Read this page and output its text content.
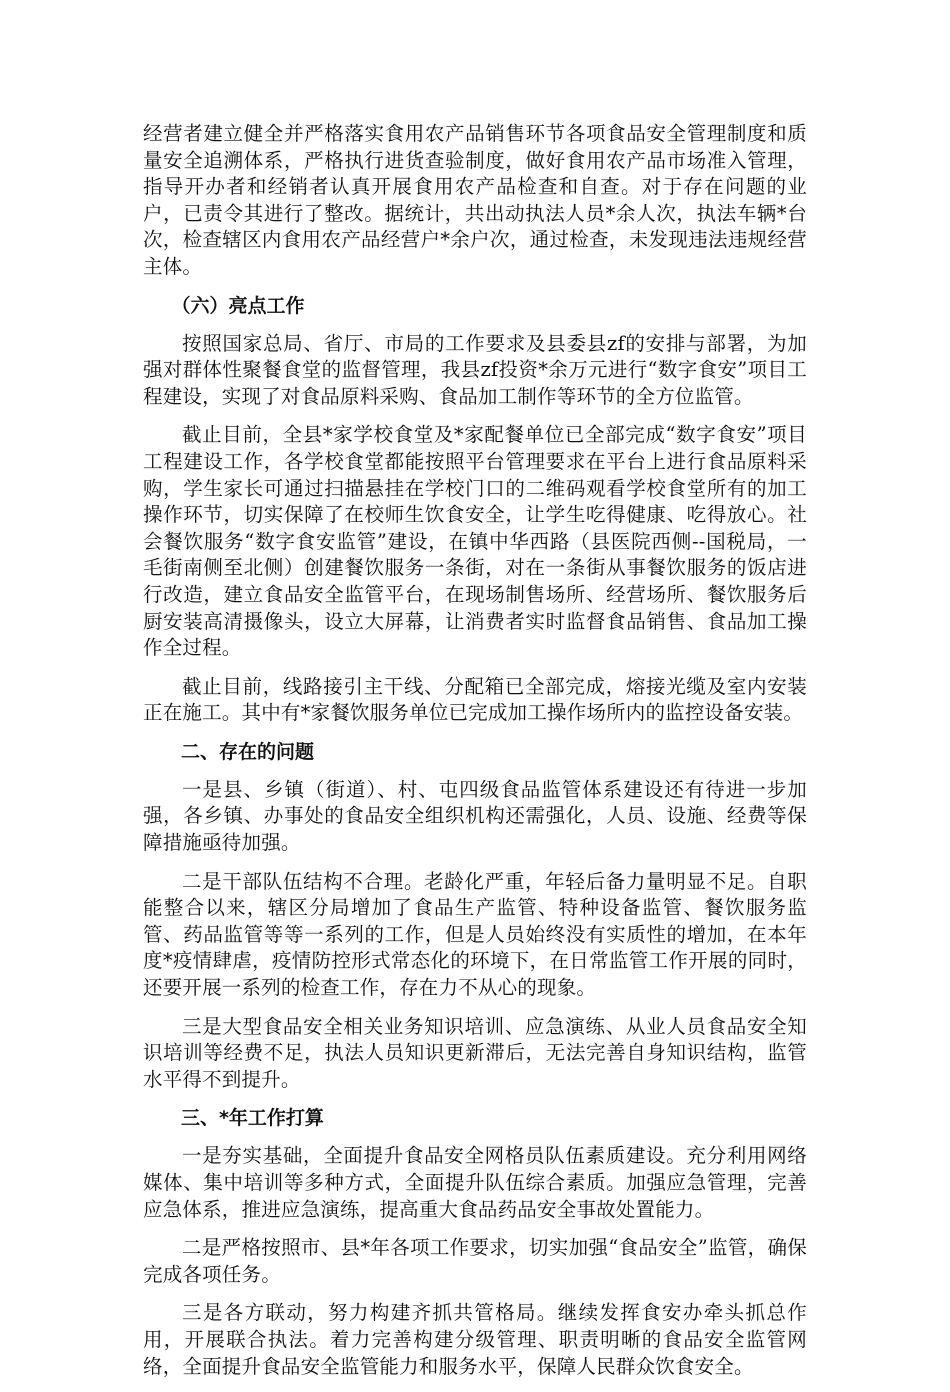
经营者建立健全并严格落实食用农产品销售环节各项食品安全管理制度和质量安全追溯体系，严格执行进货查验制度，做好食用农产品市场准入管理，指导开办者和经销者认真开展食用农产品检查和自查。对于存在问题的业户，已责令其进行了整改。据统计，共出动执法人员*余人次，执法车辆*台次，检查辖区内食用农产品经营户*余户次，通过检查，未发现违法违规经营主体。

（六）亮点工作

按照国家总局、省厅、市局的工作要求及县委县zf的安排与部署，为加强对群体性聚餐食堂的监督管理，我县zf投资*余万元进行“数字食安”项目工程建设，实现了对食品原料采购、食品加工制作等环节的全方位监管。

截止目前，全县*家学校食堂及*家配餐单位已全部完成“数字食安”项目工程建设工作，各学校食堂都能按照平台管理要求在平台上进行食品原料采购，学生家长可通过扫描悬挂在学校门口的二维码观看学校食堂所有的加工操作环节，切实保障了在校师生饮食安全，让学生吃得健康、吃得放心。社会餐饮服务“数字食安监管”建设，在镇中华西路（县医院西侧--国税局，一毛街南侧至北侧）创建餐饮服务一条街，对在一条街从事餐饮服务的饭店进行改造，建立食品安全监管平台，在现场制售场所、经营场所、餐饮服务后厨安装高清摄像头，设立大屏幕，让消费者实时监督食品销售、食品加工操作全过程。

截止目前，线路接引主干线、分配箱已全部完成，熔接光缆及室内安装正在施工。其中有*家餐饮服务单位已完成加工操作场所内的监控设备安装。

二、存在的问题

一是县、乡镇（街道）、村、屯四级食品监管体系建设还有待进一步加强，各乡镇、办事处的食品安全组织机构还需强化，人员、设施、经费等保障措施亟待加强。

二是干部队伍结构不合理。老龄化严重，年轻后备力量明显不足。自职能整合以来，辖区分局增加了食品生产监管、特种设备监管、餐饮服务监管、药品监管等等一系列的工作，但是人员始终没有实质性的增加，在本年度*疫情肆虐，疫情防控形式常态化的环境下，在日常监管工作开展的同时，还要开展一系列的检查工作，存在力不从心的现象。

三是大型食品安全相关业务知识培训、应急演练、从业人员食品安全知识培训等经费不足，执法人员知识更新滞后，无法完善自身知识结构，监管水平得不到提升。

三、*年工作打算

一是夯实基础，全面提升食品安全网格员队伍素质建设。充分利用网络媒体、集中培训等多种方式，全面提升队伍综合素质。加强应急管理，完善应急体系，推进应急演练，提高重大食品药品安全事故处置能力。

二是严格按照市、县*年各项工作要求，切实加强“食品安全”监管，确保完成各项任务。

三是各方联动，努力构建齐抓共管格局。继续发挥食安办牵头抓总作用，开展联合执法。着力完善构建分级管理、职责明晰的食品安全监管网络，全面提升食品安全监管能力和服务水平，保障人民群众饮食安全。
